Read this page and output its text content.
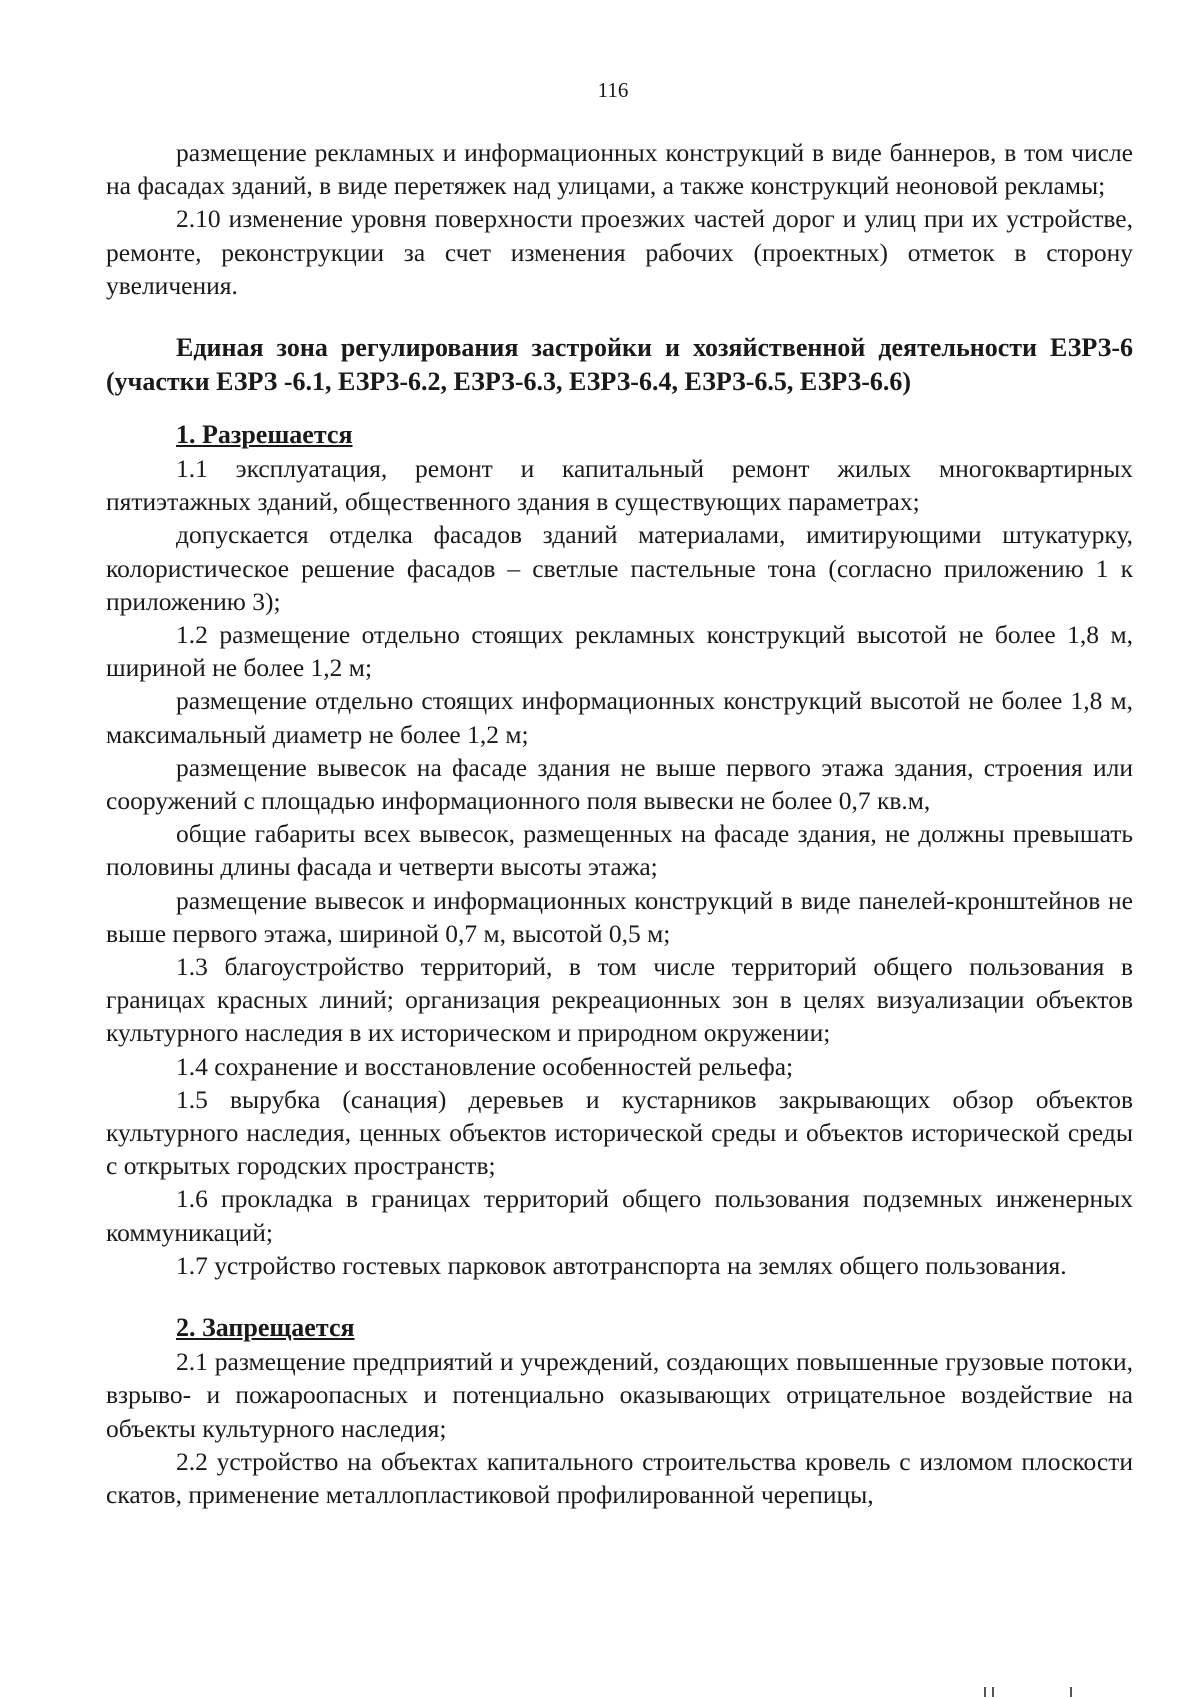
116

размещение рекламных и информационных конструкций в виде баннеров, в том числе на фасадах зданий, в виде перетяжек над улицами, а также конструкций неоновой рекламы;

2.10 изменение уровня поверхности проезжих частей дорог и улиц при их устройстве, ремонте, реконструкции за счет изменения рабочих (проектных) отметок в сторону увеличения.

Единая зона регулирования застройки и хозяйственной деятельности ЕЗРЗ-6 (участки ЕЗРЗ -6.1, ЕЗРЗ-6.2, ЕЗРЗ-6.3, ЕЗРЗ-6.4, ЕЗРЗ-6.5, ЕЗРЗ-6.6)

1. Разрешается

1.1 эксплуатация, ремонт и капитальный ремонт жилых многоквартирных пятиэтажных зданий, общественного здания в существующих параметрах;

допускается отделка фасадов зданий материалами, имитирующими штукатурку, колористическое решение фасадов – светлые пастельные тона (согласно приложению 1 к приложению 3);

1.2 размещение отдельно стоящих рекламных конструкций высотой не более 1,8 м, шириной не более 1,2 м;

размещение отдельно стоящих информационных конструкций высотой не более 1,8 м, максимальный диаметр не более 1,2 м;

размещение вывесок на фасаде здания не выше первого этажа здания, строения или сооружений с площадью информационного поля вывески не более 0,7 кв.м,

общие габариты всех вывесок, размещенных на фасаде здания, не должны превышать половины длины фасада и четверти высоты этажа;

размещение вывесок и информационных конструкций в виде панелей-кронштейнов не выше первого этажа, шириной 0,7 м, высотой 0,5 м;

1.3 благоустройство территорий, в том числе территорий общего пользования в границах красных линий; организация рекреационных зон в целях визуализации объектов культурного наследия в их историческом и природном окружении;

1.4 сохранение и восстановление особенностей рельефа;

1.5 вырубка (санация) деревьев и кустарников закрывающих обзор объектов культурного наследия, ценных объектов исторической среды и объектов исторической среды с открытых городских пространств;

1.6 прокладка в границах территорий общего пользования подземных инженерных коммуникаций;

1.7 устройство гостевых парковок автотранспорта на землях общего пользования.

2. Запрещается

2.1 размещение предприятий и учреждений, создающих повышенные грузовые потоки, взрыво- и пожароопасных и потенциально оказывающих отрицательное воздействие на объекты культурного наследия;

2.2 устройство на объектах капитального строительства кровель с изломом плоскости скатов, применение металлопластиковой профилированной черепицы,
